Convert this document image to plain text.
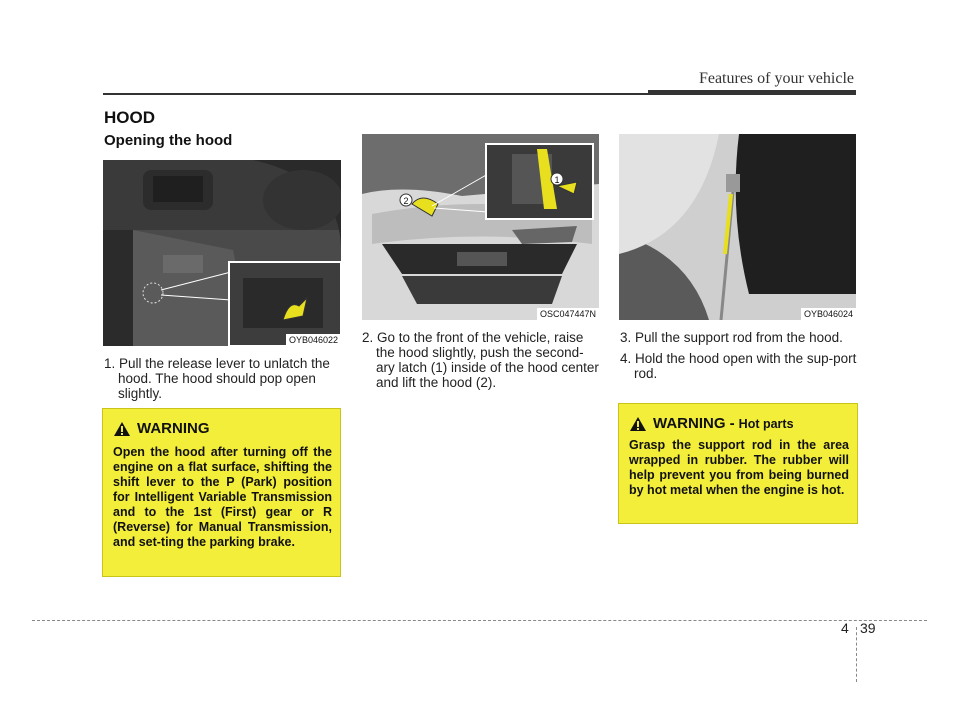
Features of your vehicle
HOOD
Opening the hood
OYB046022
1
2
OSC047447N	OYB046024

1. Pull the release lever to unlatch the hood. The hood should pop open slightly.

2. Go to the front of the vehicle, raise the hood slightly, push the second-ary latch (1) inside of the hood center and lift the hood (2).

3. Pull the support rod from the hood.

4. Hold the hood open with the sup-port rod.

WARNING
Open the hood after turning off the engine on a flat surface, shifting the shift lever to the P (Park) position for Intelligent Variable Transmission and to the 1st (First) gear or R (Reverse) for Manual Transmission, and set-ting the parking brake.
WARNING - Hot parts
Grasp the support rod in the area wrapped in rubber. The rubber will help prevent you from being burned by hot metal when the engine is hot.
4 39
